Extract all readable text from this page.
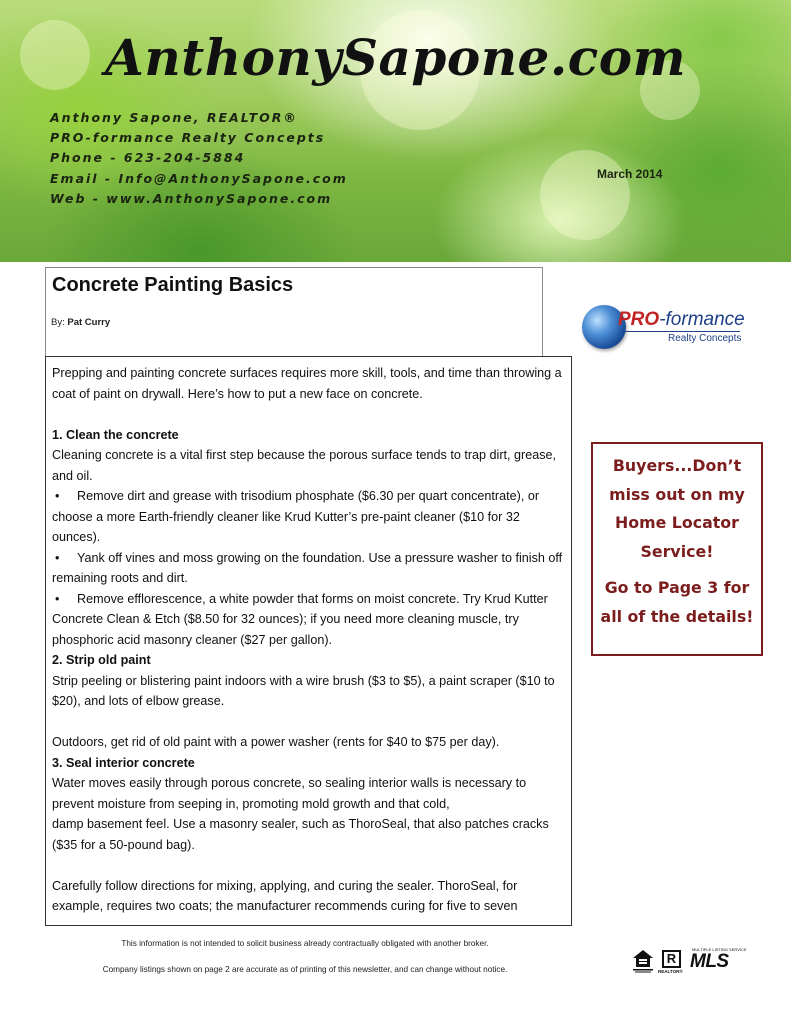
AnthonySapone.com
Anthony Sapone, REALTOR®
PRO-formance Realty Concepts
Phone - 623-204-5884
Email - Info@AnthonySapone.com
Web - www.AnthonySapone.com
March 2014
Concrete Painting Basics
By: Pat Curry	PRO-formance
Realty Concepts

Prepping and painting concrete surfaces requires more skill, tools, and time than throwing a coat of paint on drywall. Here’s how to put a new face on concrete.

1. Clean the concrete

Cleaning concrete is a vital first step because the porous surface tends to trap dirt, grease, and oil.

• Remove dirt and grease with trisodium phosphate ($6.30 per quart concentrate), or choose a more Earth-friendly cleaner like Krud Kutter’s pre-paint cleaner ($10 for 32 ounces).

• Yank off vines and moss growing on the foundation. Use a pressure washer to finish off remaining roots and dirt.

• Remove efflorescence, a white powder that forms on moist concrete. Try Krud Kutter Concrete Clean & Etch ($8.50 for 32 ounces); if you need more cleaning muscle, try phosphoric acid masonry cleaner ($27 per gallon).

2. Strip old paint

Strip peeling or blistering paint indoors with a wire brush ($3 to $5), a paint scraper ($10 to $20), and lots of elbow grease.

Outdoors, get rid of old paint with a power washer (rents for $40 to $75 per day).

3. Seal interior concrete

Water moves easily through porous concrete, so sealing interior walls is necessary to prevent moisture from seeping in, promoting mold growth and that cold,

damp basement feel. Use a masonry sealer, such as ThoroSeal, that also patches cracks ($35 for a 50-pound bag).

Carefully follow directions for mixing, applying, and curing the sealer. ThoroSeal, for example, requires two coats; the manufacturer recommends curing for five to seven

Buyers...Don’t miss out on my Home Locator Service!
Go to Page 3 for all of the details!
This information is not intended to solicit business already contractually obligated with another broker.
Company listings shown on page 2 are accurate as of printing of this newsletter, and can change without notice.
R
REALTOR®
MULTIPLE LISTING SERVICE
MLS
